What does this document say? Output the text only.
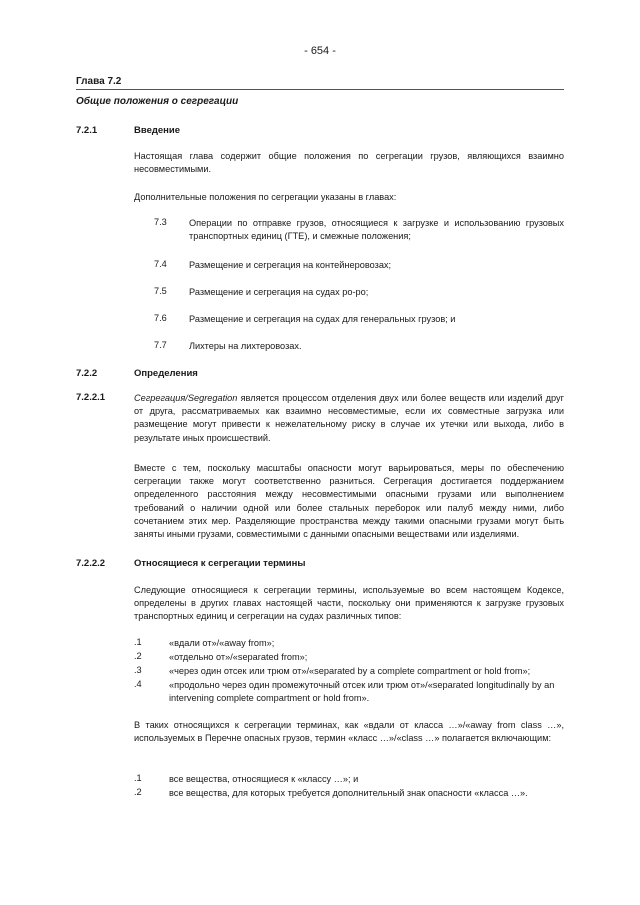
- 654 -
Глава 7.2
Общие положения о сегрегации
7.2.1	Введение

Настоящая глава содержит общие положения по сегрегации грузов, являющихся взаимно несовместимыми.

Дополнительные положения по сегрегации указаны в главах:

7.3 Операции по отправке грузов, относящиеся к загрузке и использованию грузовых транспортных единиц (ГТЕ), и смежные положения;
7.4 Размещение и сегрегация на контейнеровозах;
7.5 Размещение и сегрегация на судах ро-ро;
7.6 Размещение и сегрегация на судах для генеральных грузов; и
7.7 Лихтеры на лихтеровозах.
7.2.2	Определения
7.2.2.1	Сегрегация/Segregation является процессом отделения двух или более веществ или изделий друг от друга, рассматриваемых как взаимно несовместимые, если их совместные загрузка или размещение могут привести к нежелательному риску в случае их утечки или выхода, либо в результате иных происшествий.

Вместе с тем, поскольку масштабы опасности могут варьироваться, меры по обеспечению сегрегации также могут соответственно разниться. Сегрегация достигается поддержанием определенного расстояния между несовместимыми опасными грузами или выполнением требований о наличии одной или более стальных переборок или палуб между ними, либо сочетанием этих мер. Разделяющие пространства между такими опасными грузами могут быть заняты иными грузами, совместимыми с данными опасными веществами или изделиями.

7.2.2.2	Относящиеся к сегрегации термины

Следующие относящиеся к сегрегации термины, используемые во всем настоящем Кодексе, определены в других главах настоящей части, поскольку они применяются к загрузке грузовых транспортных единиц и сегрегации на судах различных типов:

.1	«вдали от»/«away from»;
.2	«отдельно от»/«separated from»;
.3	«через один отсек или трюм от»/«separated by a complete compartment or hold from»;
.4	«продольно через один промежуточный отсек или трюм от»/«separated longitudinally by an intervening complete compartment or hold from».

В таких относящихся к сегрегации терминах, как «вдали от класса …»/«away from class …», используемых в Перечне опасных грузов, термин «класс …»/«class …» полагается включающим:

.1	все вещества, относящиеся к «классу …»; и
.2	все вещества, для которых требуется дополнительный знак опасности «класса …».
